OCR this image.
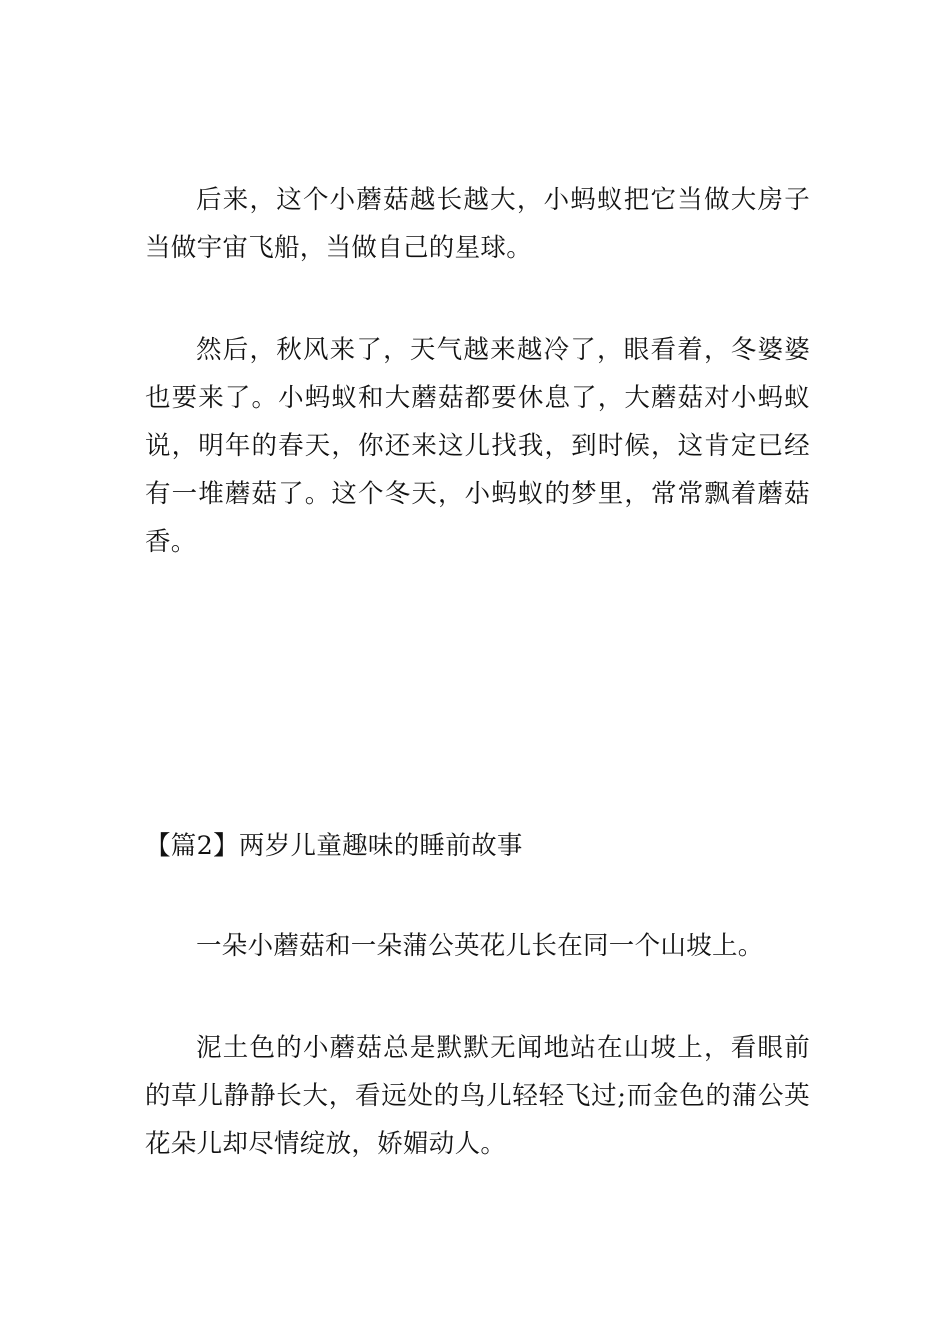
后来，这个小蘑菇越长越大，小蚂蚁把它当做大房子当做宇宙飞船，当做自己的星球。

然后，秋风来了，天气越来越冷了，眼看着，冬婆婆也要来了。小蚂蚁和大蘑菇都要休息了，大蘑菇对小蚂蚁说，明年的春天，你还来这儿找我，到时候，这肯定已经有一堆蘑菇了。这个冬天，小蚂蚁的梦里，常常飘着蘑菇香。

【篇2】两岁儿童趣味的睡前故事

一朵小蘑菇和一朵蒲公英花儿长在同一个山坡上。

泥土色的小蘑菇总是默默无闻地站在山坡上，看眼前的草儿静静长大，看远处的鸟儿轻轻飞过;而金色的蒲公英花朵儿却尽情绽放，娇媚动人。
